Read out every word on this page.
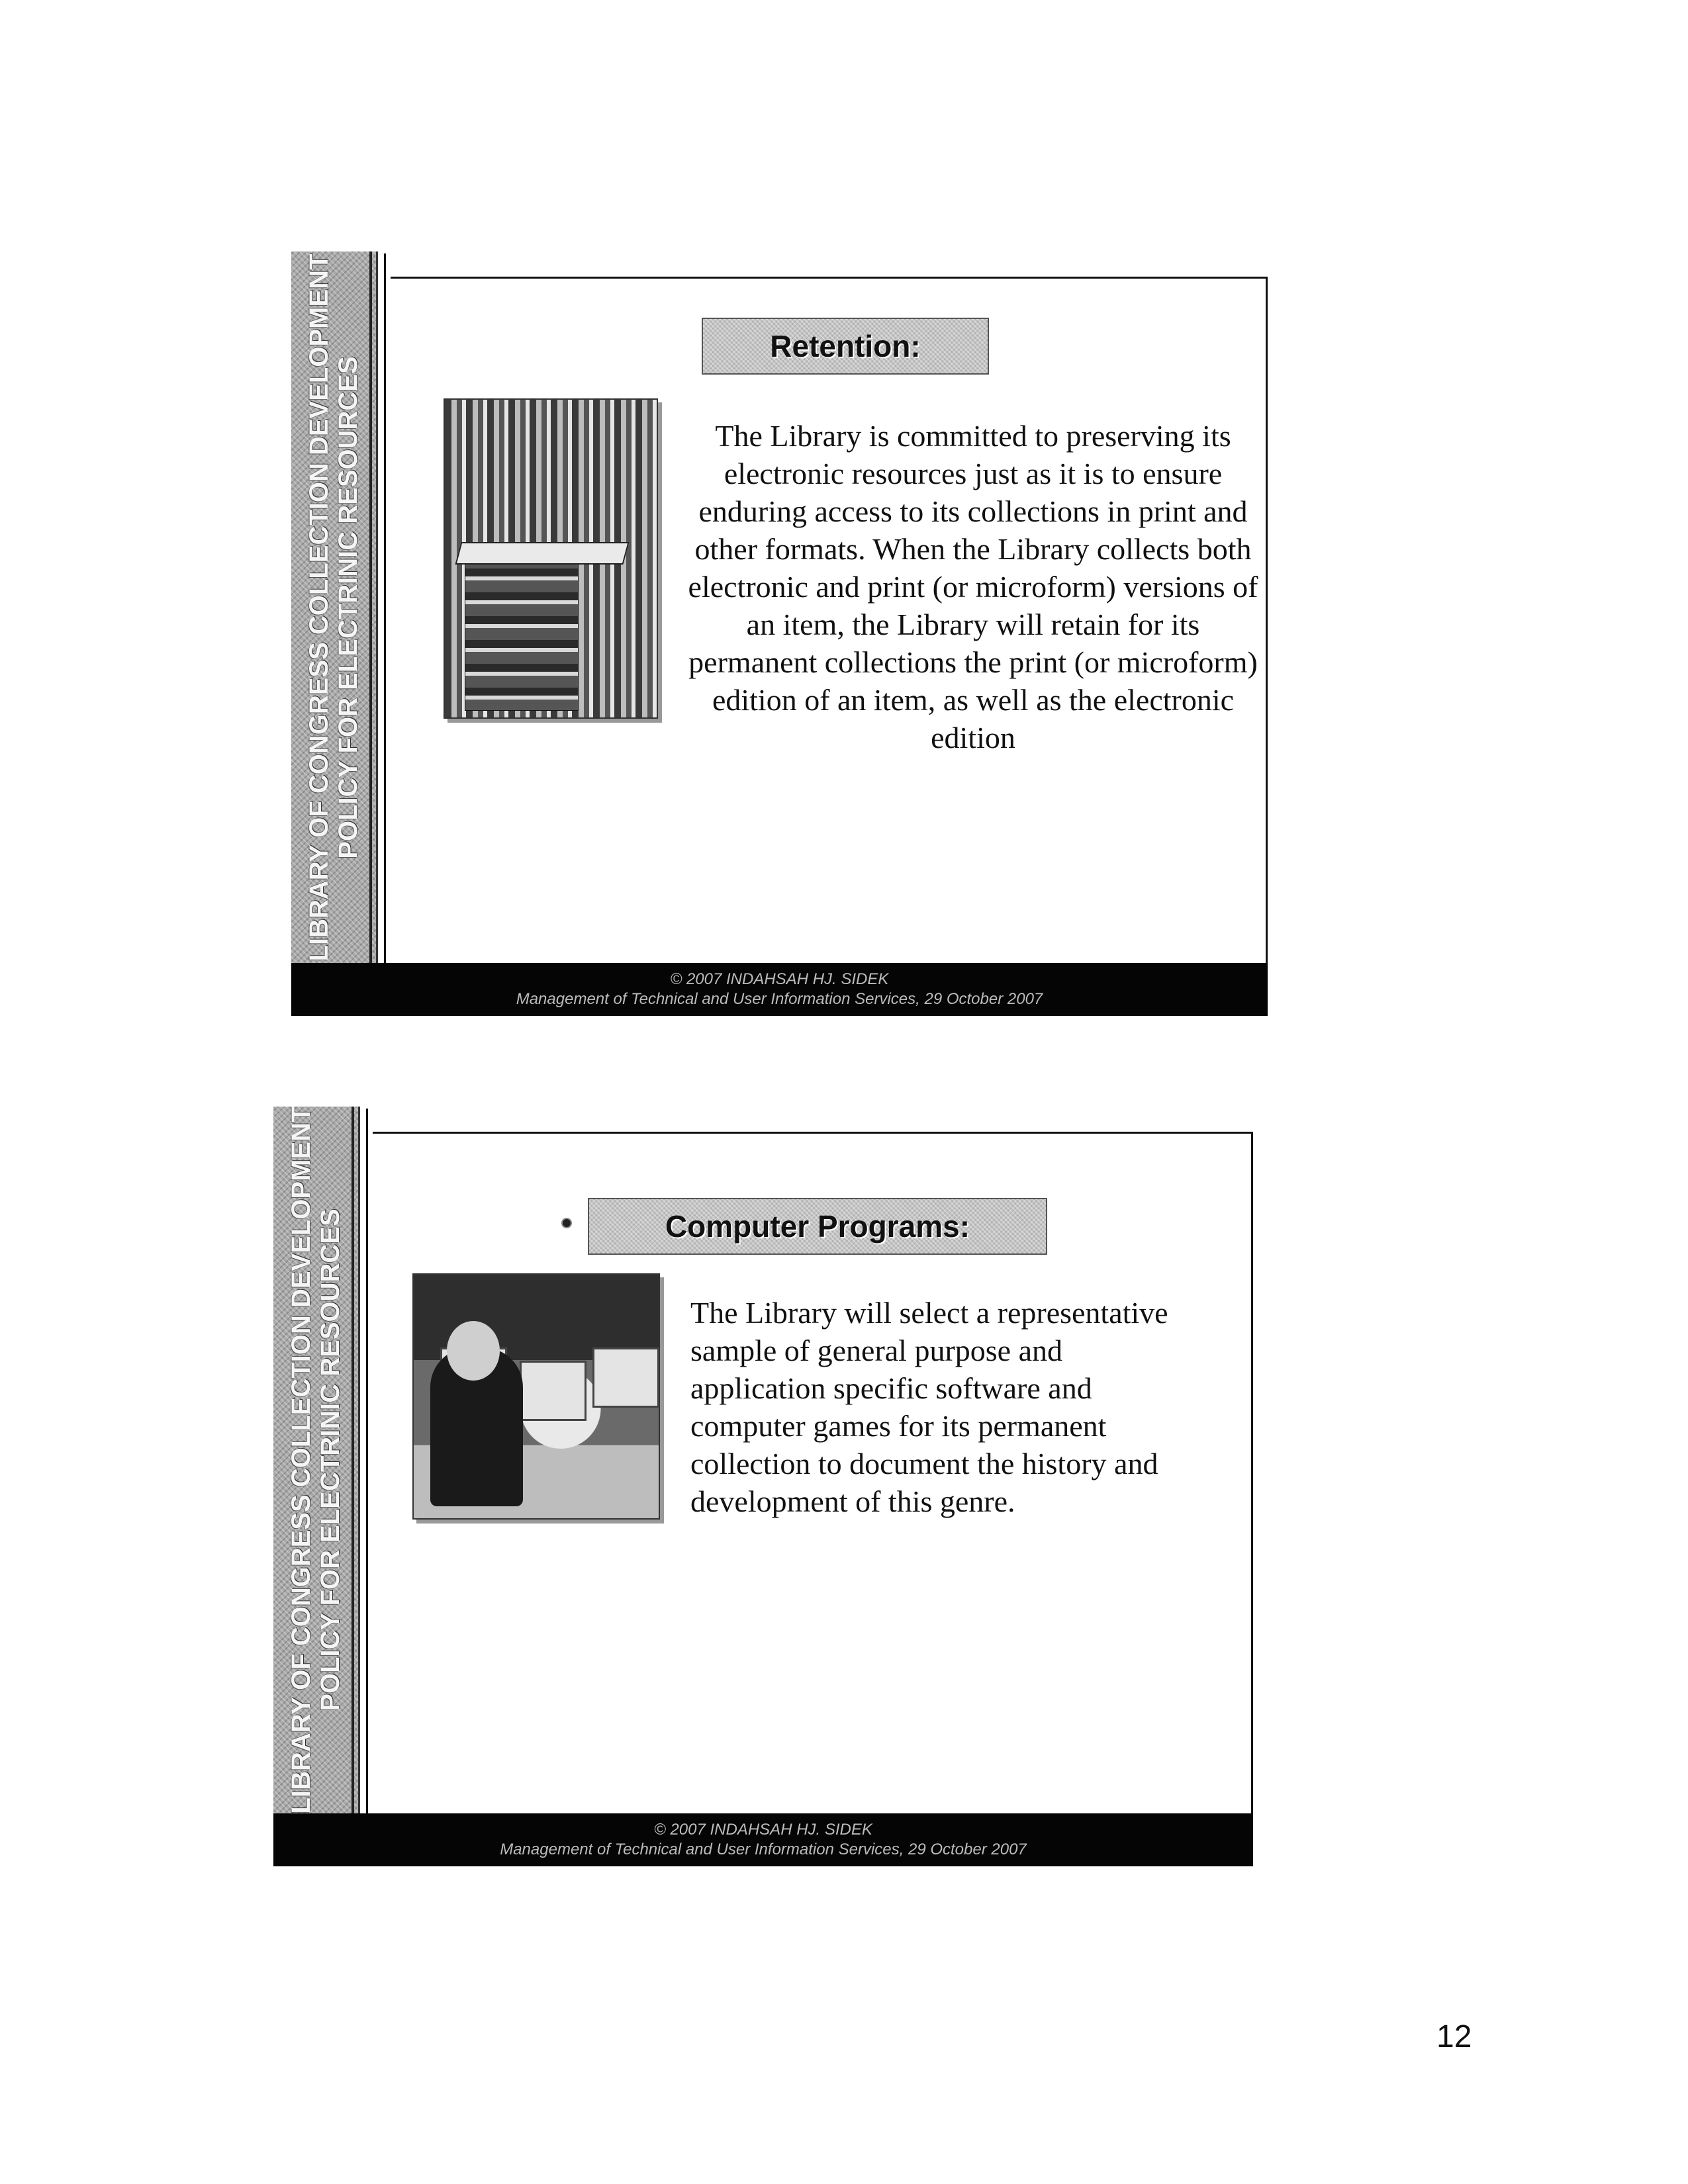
LIBRARY OF CONGRESS COLLECTION DEVELOPMENT POLICY FOR ELECTRINIC RESOURCES
Retention:
The Library is committed to preserving its electronic resources just as it is to ensure enduring access to its collections in print and other formats. When the Library collects both electronic and print (or microform) versions of an item, the Library will retain for its permanent collections the print (or microform) edition of an item, as well as the electronic edition
© 2007 INDAHSAH HJ. SIDEK
Management of Technical and User Information Services, 29 October 2007
LIBRARY OF CONGRESS COLLECTION DEVELOPMENT POLICY FOR ELECTRINIC RESOURCES	Computer Programs:
The Library will select a representative sample of general purpose and application specific software and computer games for its permanent collection to document the history and development of this genre.
© 2007 INDAHSAH HJ. SIDEK
Management of Technical and User Information Services, 29 October 2007
12
